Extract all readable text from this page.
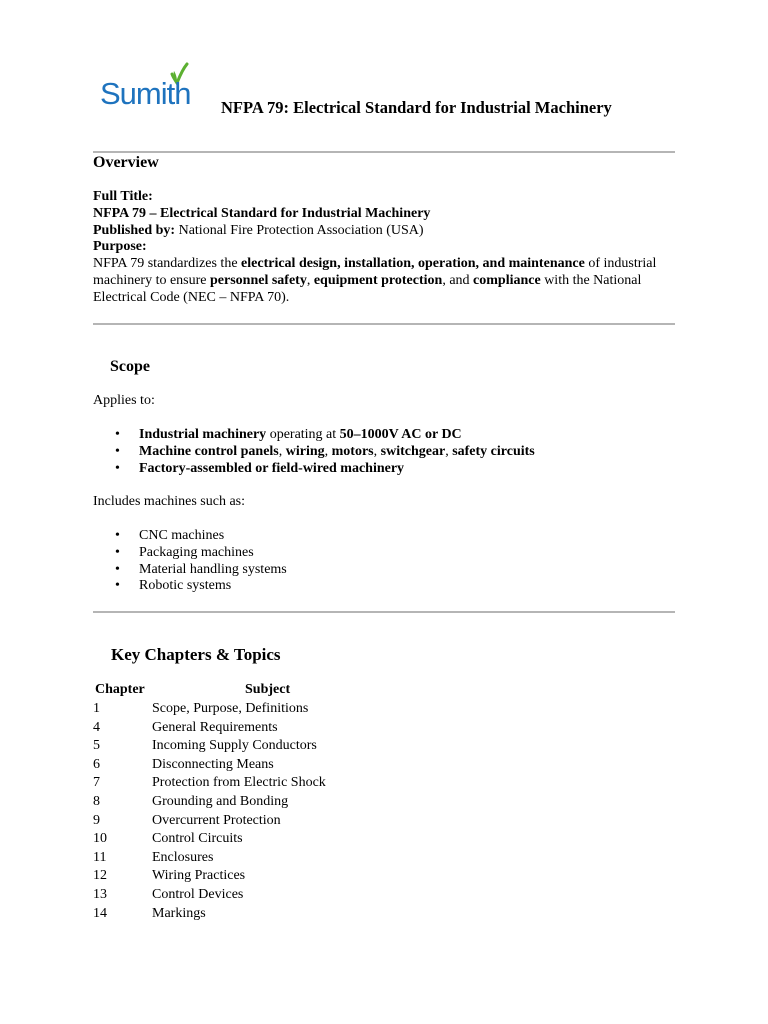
Sumith NFPA 79: Electrical Standard for Industrial Machinery
Overview

Full Title:

NFPA 79 – Electrical Standard for Industrial Machinery

Published by: National Fire Protection Association (USA)

Purpose:

NFPA 79 standardizes the electrical design, installation, operation, and maintenance of industrial machinery to ensure personnel safety, equipment protection, and compliance with the National Electrical Code (NEC – NFPA 70).

Scope
Applies to:
• Industrial machinery operating at 50–1000V AC or DC
• Machine control panels, wiring, motors, switchgear, safety circuits
• Factory-assembled or field-wired machinery
Includes machines such as:
• CNC machines
• Packaging machines
• Material handling systems
• Robotic systems
Key Chapters & Topics
Chapter	Subject
1	Scope, Purpose, Definitions
4	General Requirements
5	Incoming Supply Conductors
6	Disconnecting Means
7	Protection from Electric Shock
8	Grounding and Bonding
9	Overcurrent Protection
10	Control Circuits
11	Enclosures
12	Wiring Practices
13	Control Devices
14	Markings
